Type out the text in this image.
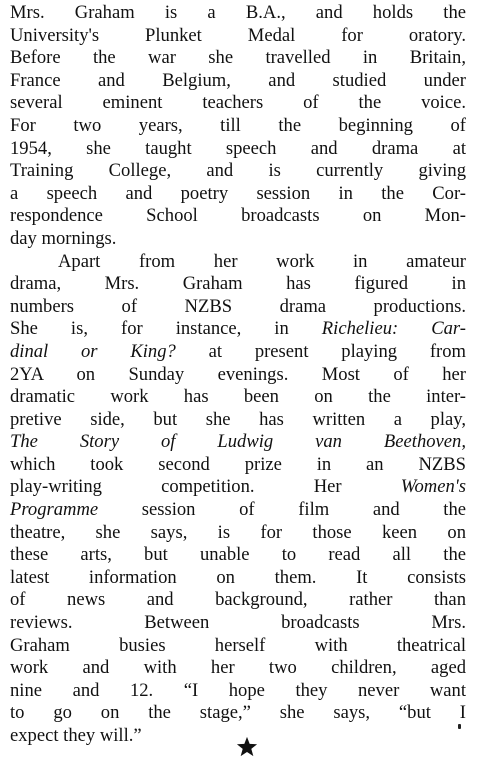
Mrs. Graham is a B.A., and holds the
University's Plunket Medal for oratory.
Before the war she travelled in Britain,
France and Belgium, and studied under
several eminent teachers of the voice.
For two years, till the beginning of
1954, she taught speech and drama at
Training College, and is currently giving
a speech and poetry session in the Cor-
respondence School broadcasts on Mon-
day mornings.
Apart from her work in amateur
drama, Mrs. Graham has figured in
numbers of NZBS drama productions.
She is, for instance, in Richelieu: Car-
dinal or King? at present playing from
2YA on Sunday evenings. Most of her
dramatic work has been on the inter-
pretive side, but she has written a play,
The Story of Ludwig van Beethoven,
which took second prize in an NZBS
play-writing competition. Her Women's
Programme session of film and the
theatre, she says, is for those keen on
these arts, but unable to read all the
latest information on them. It consists
of news and background, rather than
reviews. Between broadcasts Mrs.
Graham busies herself with theatrical
work and with her two children, aged
nine and 12. “I hope they never want
to go on the stage,” she says, “but I
expect they will.”
